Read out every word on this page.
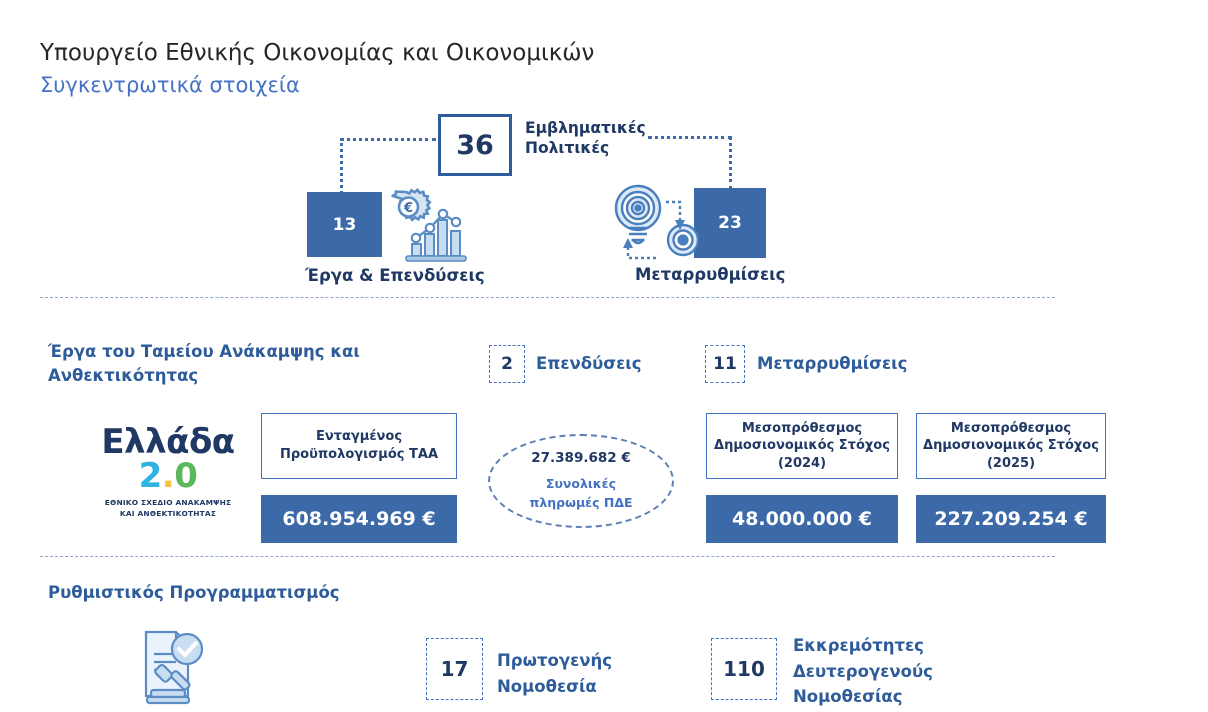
Υπουργείο Εθνικής Οικονομίας και Οικονομικών
Συγκεντρωτικά στοιχεία
36
Εμβληματικές
Πολιτικές
13
Έργα & Επενδύσεις
23
Μεταρρυθμίσεις
€
Έργα του Ταμείου Ανάκαμψης και
Ανθεκτικότητας
2	Επενδύσεις	11	Μεταρρυθμίσεις
Ελλάδα 2.0
ΕΘΝΙΚΟ ΣΧΕΔΙΟ ΑΝΑΚΑΜΨΗΣ
ΚΑΙ ΑΝΘΕΚΤΙΚΟΤΗΤΑΣ
Ενταγμένος
Προϋπολογισμός ΤΑΑ
608.954.969 €
27.389.682 €
Συνολικές
πληρωμές ΠΔΕ
Μεσοπρόθεσμος
Δημοσιονομικός Στόχος
(2024)
48.000.000 €
Μεσοπρόθεσμος
Δημοσιονομικός Στόχος
(2025)
227.209.254 €
Ρυθμιστικός Προγραμματισμός
17	Πρωτογενής
Νομοθεσία
110
Εκκρεμότητες
Δευτερογενούς
Νομοθεσίας
